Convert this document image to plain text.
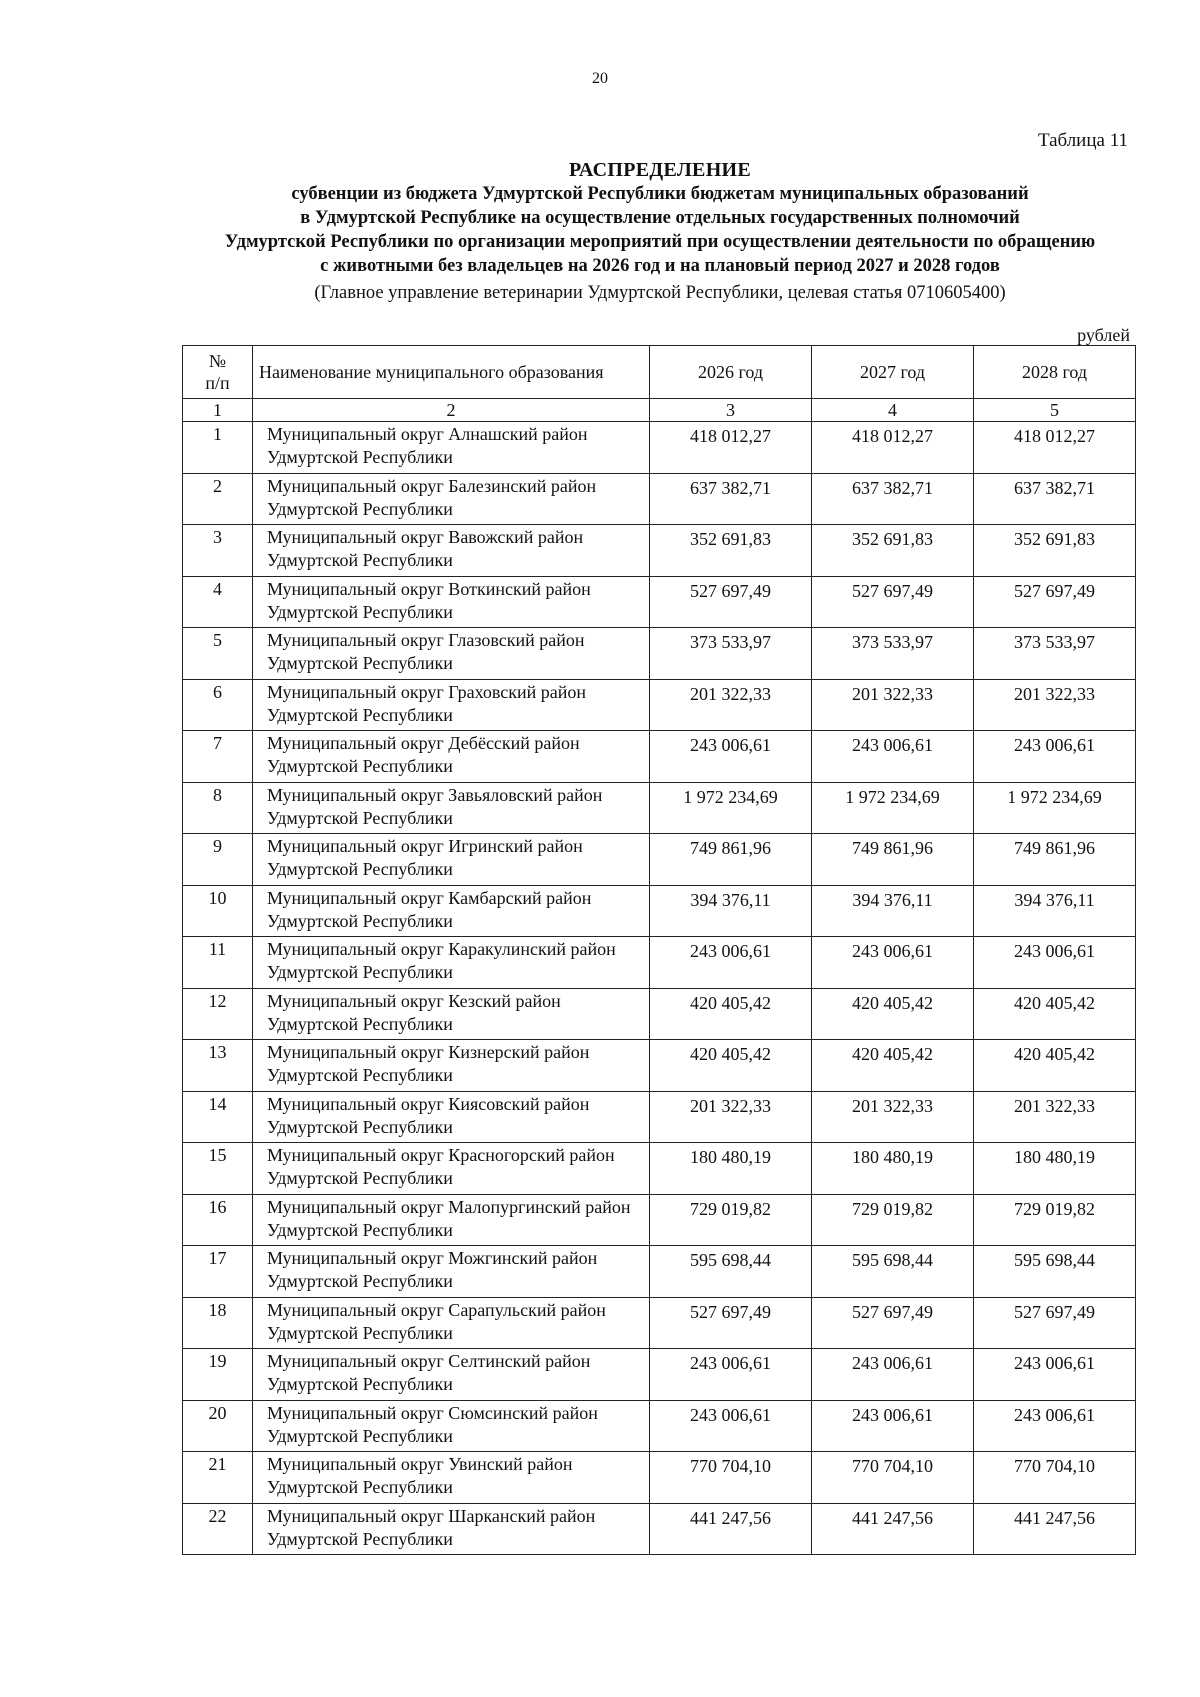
20
Таблица 11
РАСПРЕДЕЛЕНИЕ
субвенции из бюджета Удмуртской Республики бюджетам муниципальных образований
в Удмуртской Республике на осуществление отдельных государственных полномочий
Удмуртской Республики по организации мероприятий при осуществлении деятельности по обращению
с животными без владельцев на 2026 год и на плановый период 2027 и 2028 годов
(Главное управление ветеринарии Удмуртской Республики, целевая статья 0710605400)
рублей
№
п/п	Наименование муниципального образования	2026 год	2027 год	2028 год
1	2	3	4	5
1	Муниципальный округ Алнашский район Удмуртской Республики	418 012,27	418 012,27	418 012,27
2	Муниципальный округ Балезинский район Удмуртской Республики	637 382,71	637 382,71	637 382,71
3	Муниципальный округ Вавожский район Удмуртской Республики	352 691,83	352 691,83	352 691,83
4	Муниципальный округ Воткинский район Удмуртской Республики	527 697,49	527 697,49	527 697,49
5	Муниципальный округ Глазовский район Удмуртской Республики	373 533,97	373 533,97	373 533,97
6	Муниципальный округ Граховский район Удмуртской Республики	201 322,33	201 322,33	201 322,33
7	Муниципальный округ Дебёсский район Удмуртской Республики	243 006,61	243 006,61	243 006,61
8	Муниципальный округ Завьяловский район Удмуртской Республики	1 972 234,69	1 972 234,69	1 972 234,69
9	Муниципальный округ Игринский район Удмуртской Республики	749 861,96	749 861,96	749 861,96
10	Муниципальный округ Камбарский район Удмуртской Республики	394 376,11	394 376,11	394 376,11
11	Муниципальный округ Каракулинский район Удмуртской Республики	243 006,61	243 006,61	243 006,61
12	Муниципальный округ Кезский район Удмуртской Республики	420 405,42	420 405,42	420 405,42
13	Муниципальный округ Кизнерский район Удмуртской Республики	420 405,42	420 405,42	420 405,42
14	Муниципальный округ Киясовский район Удмуртской Республики	201 322,33	201 322,33	201 322,33
15	Муниципальный округ Красногорский район Удмуртской Республики	180 480,19	180 480,19	180 480,19
16	Муниципальный округ Малопургинский район Удмуртской Республики	729 019,82	729 019,82	729 019,82
17	Муниципальный округ Можгинский район Удмуртской Республики	595 698,44	595 698,44	595 698,44
18	Муниципальный округ Сарапульский район Удмуртской Республики	527 697,49	527 697,49	527 697,49
19	Муниципальный округ Селтинский район Удмуртской Республики	243 006,61	243 006,61	243 006,61
20	Муниципальный округ Сюмсинский район Удмуртской Республики	243 006,61	243 006,61	243 006,61
21	Муниципальный округ Увинский район Удмуртской Республики	770 704,10	770 704,10	770 704,10
22	Муниципальный округ Шарканский район Удмуртской Республики	441 247,56	441 247,56	441 247,56
